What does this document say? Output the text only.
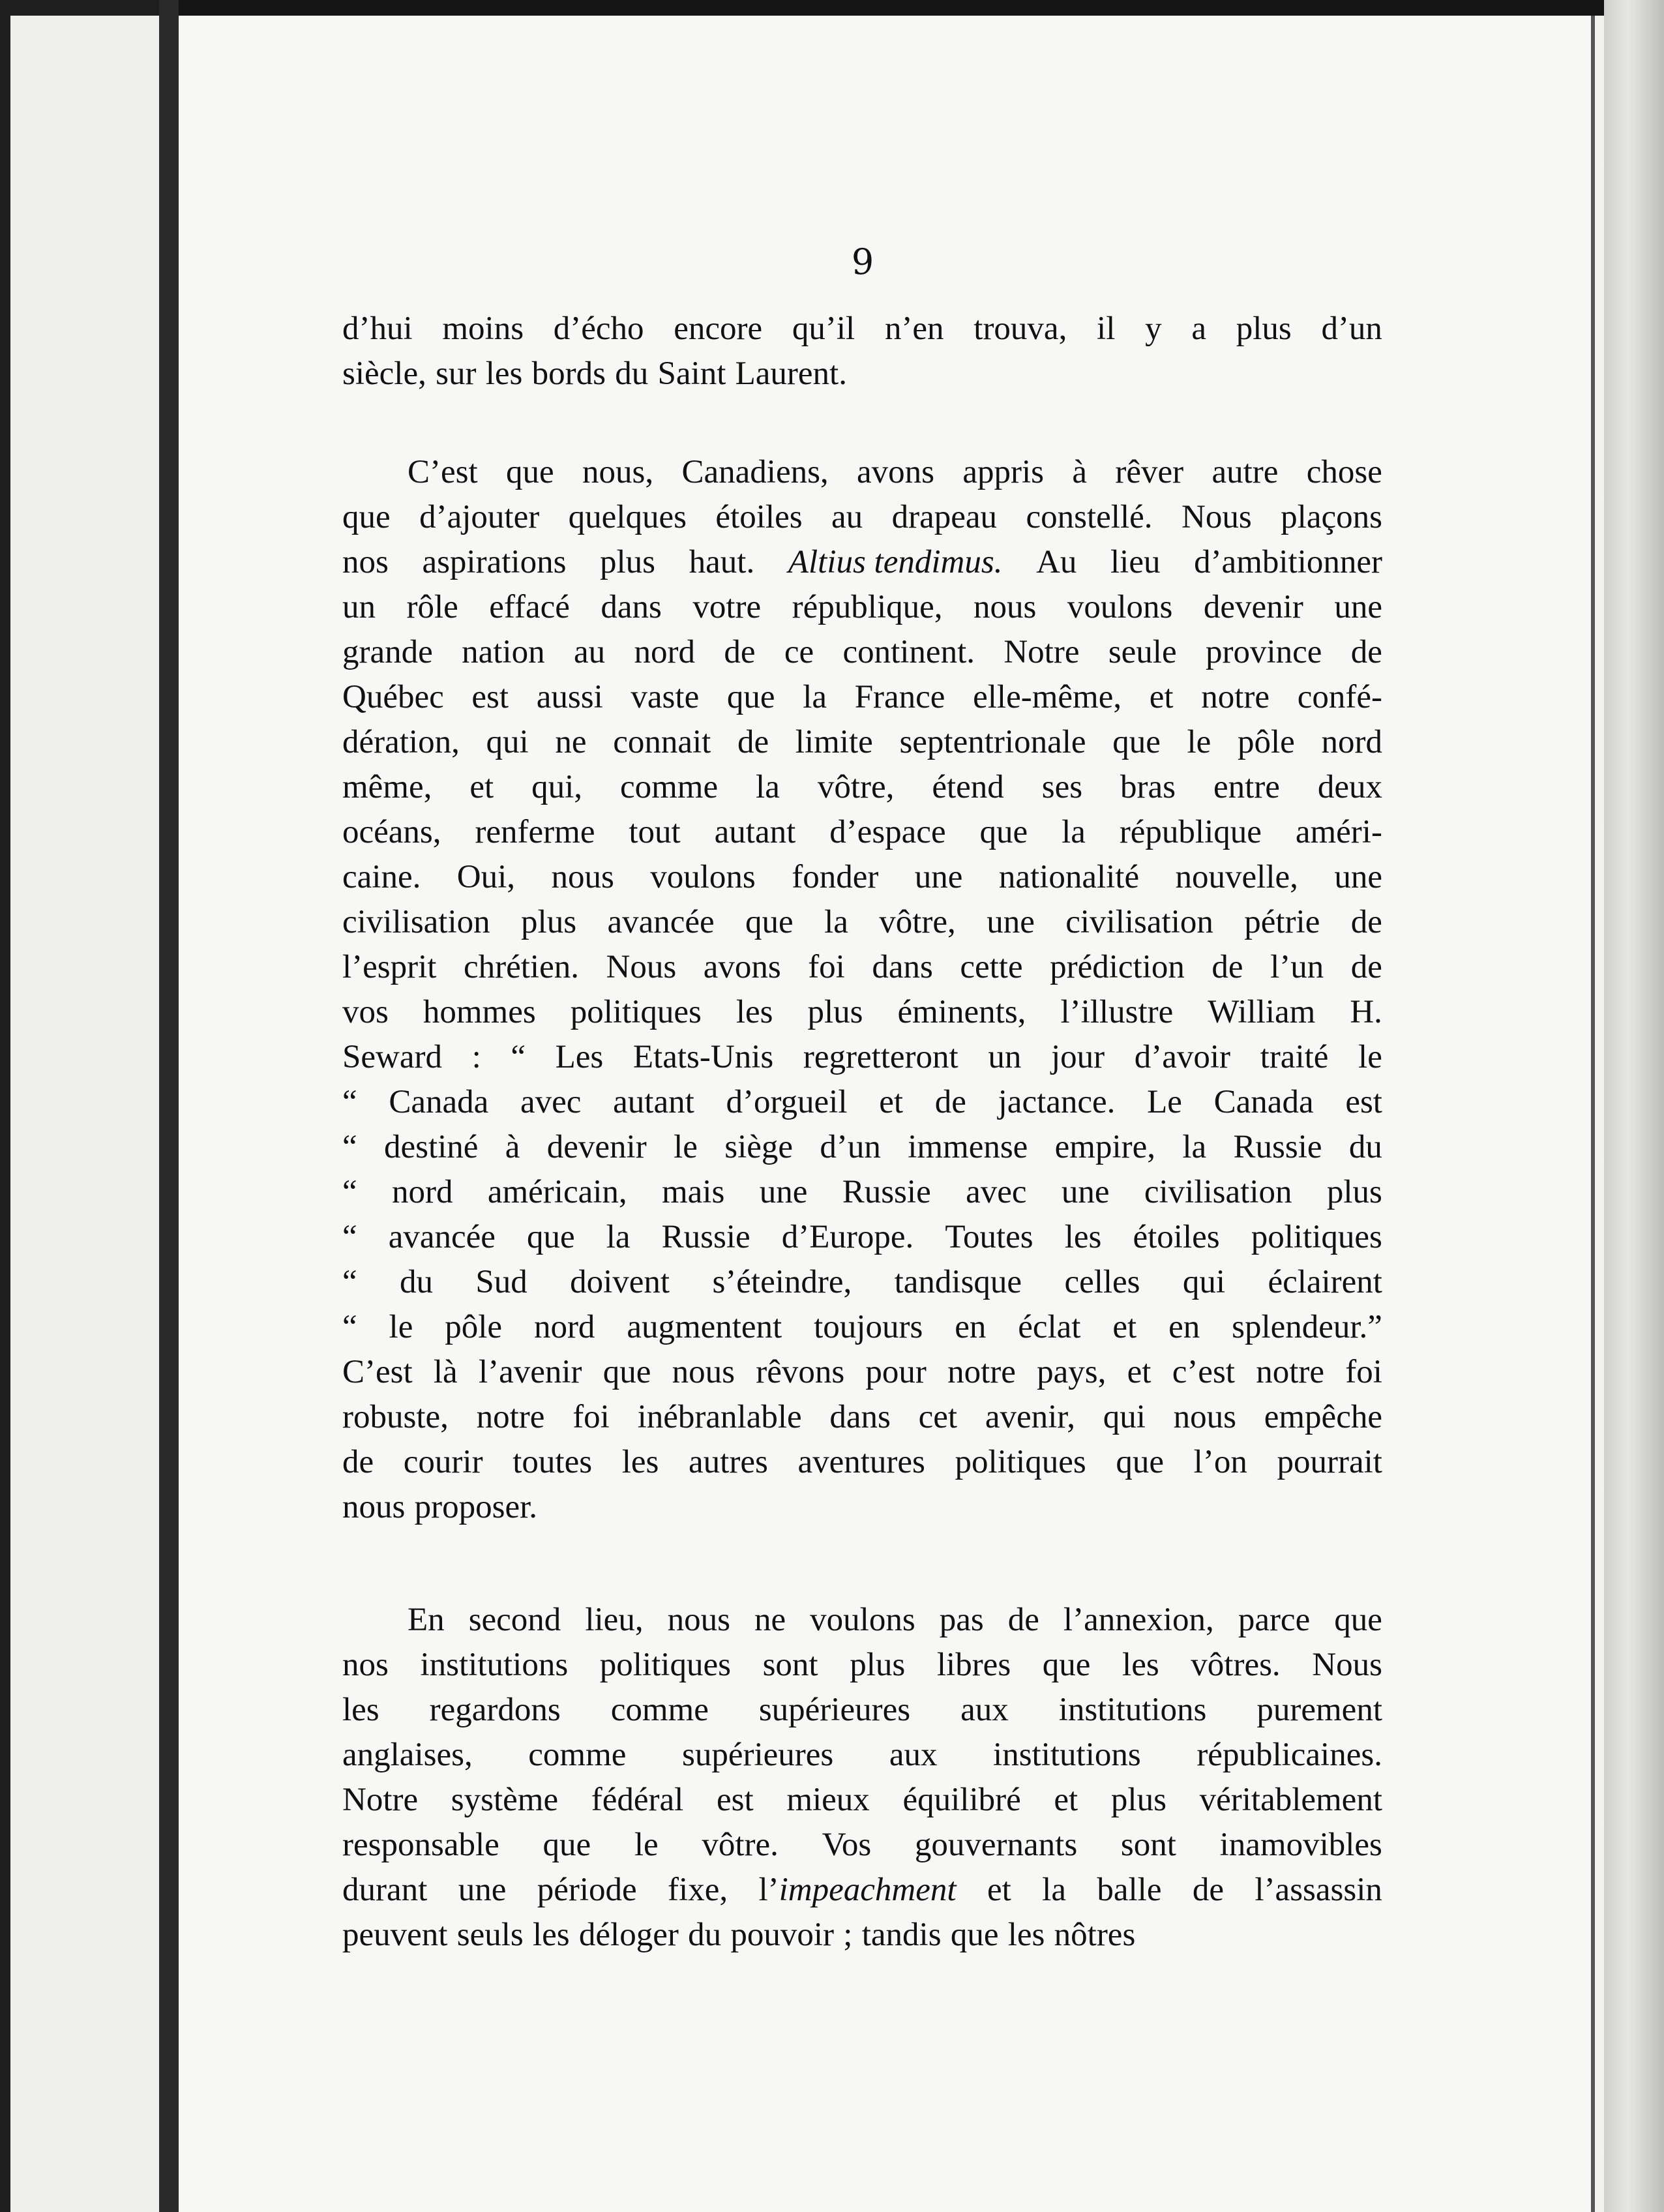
9
d’hui moins d’écho encore qu’il n’en trouva, il y a plus d’un
siècle, sur les bords du Saint Laurent.
C’est que nous, Canadiens, avons appris à rêver autre chose
que d’ajouter quelques étoiles au drapeau constellé. Nous plaçons
nos aspirations plus haut. Altius tendimus. Au lieu d’ambitionner
un rôle effacé dans votre république, nous voulons devenir une
grande nation au nord de ce continent. Notre seule province de
Québec est aussi vaste que la France elle-même, et notre confé-
dération, qui ne connait de limite septentrionale que le pôle nord
même, et qui, comme la vôtre, étend ses bras entre deux
océans, renferme tout autant d’espace que la république améri-
caine. Oui, nous voulons fonder une nationalité nouvelle, une
civilisation plus avancée que la vôtre, une civilisation pétrie de
l’esprit chrétien. Nous avons foi dans cette prédiction de l’un de
vos hommes politiques les plus éminents, l’illustre William H.
Seward : “ Les Etats-Unis regretteront un jour d’avoir traité le
“ Canada avec autant d’orgueil et de jactance. Le Canada est
“ destiné à devenir le siège d’un immense empire, la Russie du
“ nord américain, mais une Russie avec une civilisation plus
“ avancée que la Russie d’Europe. Toutes les étoiles politiques
“ du Sud doivent s’éteindre, tandisque celles qui éclairent
“ le pôle nord augmentent toujours en éclat et en splendeur.”
C’est là l’avenir que nous rêvons pour notre pays, et c’est notre foi
robuste, notre foi inébranlable dans cet avenir, qui nous empêche
de courir toutes les autres aventures politiques que l’on pourrait
nous proposer.
En second lieu, nous ne voulons pas de l’annexion, parce que
nos institutions politiques sont plus libres que les vôtres. Nous
les regardons comme supérieures aux institutions purement
anglaises, comme supérieures aux institutions républicaines.
Notre système fédéral est mieux équilibré et plus véritablement
responsable que le vôtre. Vos gouvernants sont inamovibles
durant une période fixe, l’impeachment et la balle de l’assassin
peuvent seuls les déloger du pouvoir ; tandis que les nôtres
